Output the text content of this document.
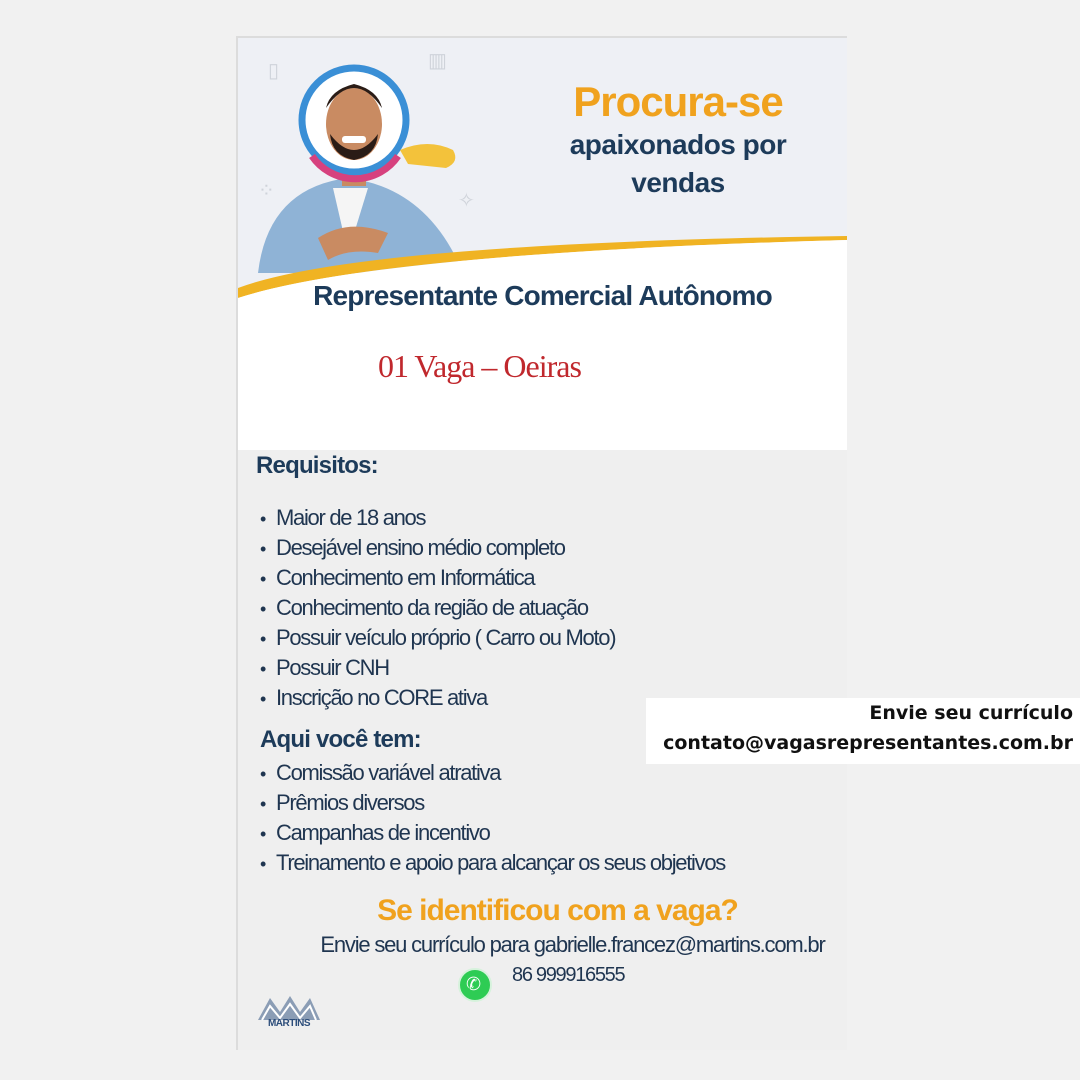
▯	▥
⁘	✧
Procura-se
apaixonados por
vendas
Representante Comercial Autônomo
01 Vaga – Oeiras
Requisitos:
• Maior de 18 anos
• Desejável ensino médio completo
• Conhecimento em Informática
• Conhecimento da região de atuação
• Possuir veículo próprio ( Carro ou Moto)
• Possuir CNH
• Inscrição no CORE ativa
Aqui você tem:
• Comissão variável atrativa
• Prêmios diversos
• Campanhas de incentivo
• Treinamento e apoio para alcançar os seus objetivos
Se identificou com a vaga?
Envie seu currículo para gabrielle.francez@martins.com.br
✆ 86 999916555
MARTINS
Envie seu currículo
contato@vagasrepresentantes.com.br
